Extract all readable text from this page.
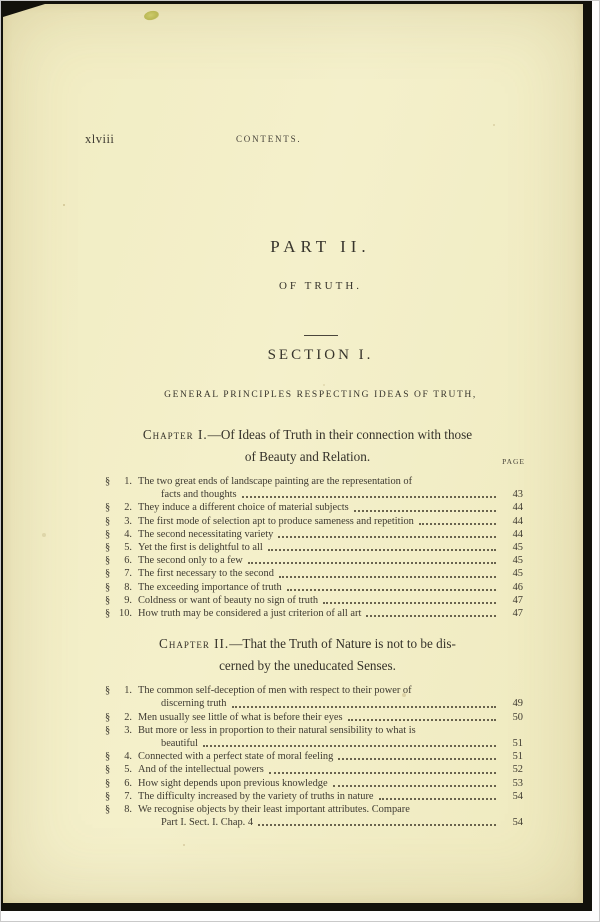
xlviii	CONTENTS.
PART II.
OF TRUTH.
SECTION I.
GENERAL PRINCIPLES RESPECTING IDEAS OF TRUTH,
Chapter I.—Of Ideas of Truth in their connection with those
of Beauty and Relation.	PAGE
§	1. The two great ends of landscape painting are the representation of
facts and thoughts	43
§	2. They induce a different choice of material subjects	44
§	3. The first mode of selection apt to produce sameness and repetition	44
§	4. The second necessitating variety	44
§	5. Yet the first is delightful to all	45
§	6. The second only to a few	45
§	7. The first necessary to the second	45
§	8. The exceeding importance of truth	46
§	9. Coldness or want of beauty no sign of truth	47
§ 10. How truth may be considered a just criterion of all art	47
Chapter II.—That the Truth of Nature is not to be dis-
cerned by the uneducated Senses.
§	1. The common self-deception of men with respect to their power of
discerning truth	49
§	2. Men usually see little of what is before their eyes	50
§	3. But more or less in proportion to their natural sensibility to what is
beautiful	51
§	4. Connected with a perfect state of moral feeling	51
§	5. And of the intellectual powers	52
§	6. How sight depends upon previous knowledge	53
§	7. The difficulty increased by the variety of truths in nature	54
§	8. We recognise objects by their least important attributes. Compare
Part I. Sect. I. Chap. 4	54
